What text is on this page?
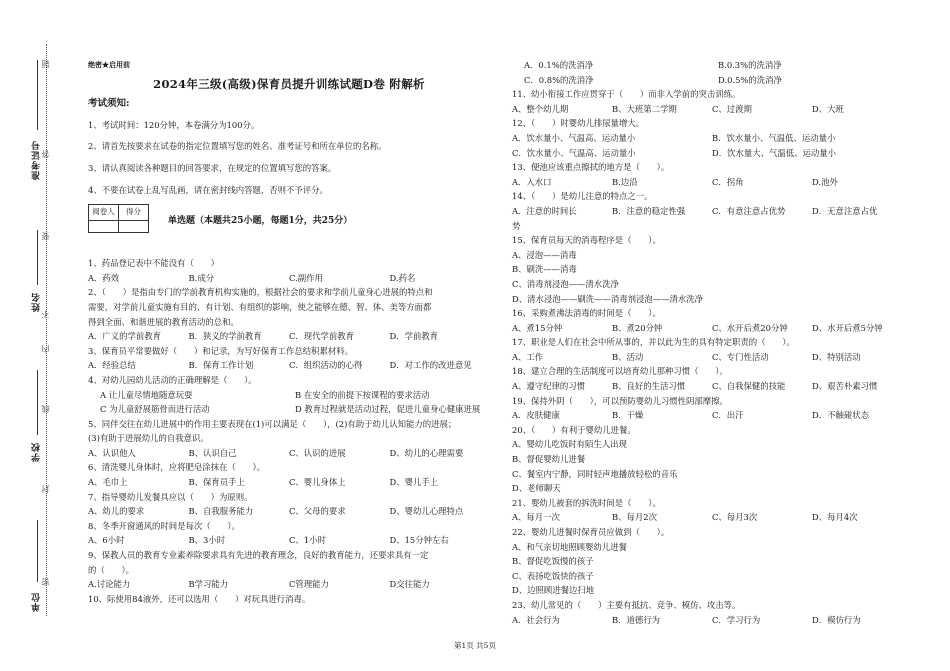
准考证号
姓名
学校
单位
题
答
要
不
内
线
封
密
绝密★启用前
2024年三级(高级)保育员提升训练试题D卷 附解析
考试须知:
1、考试时间：120分钟，本卷满分为100分。
2、请首先按要求在试卷的指定位置填写您的姓名、准考证号和所在单位的名称。
3、请认真阅读各种题目的回答要求，在规定的位置填写您的答案。
4、不要在试卷上乱写乱画，请在密封线内答题，否则不予评分。
阅卷人	得分

单选题（本题共25小题，每题1分，共25分）
1、药品登记表中不能没有（　　）
A．药效	B.成分	C.副作用	D.药名
2、（　　）是指由专门的学前教育机构实施的，根据社会的要求和学前儿童身心进展的特点和
需要，对学前儿童实施有目的、有计划、有组织的影响，使之能够在德、智、体、美等方面都
得到全面、和谐进展的教育活动的总和。
A．广义的学前教育	B．狭义的学前教育	C．现代学前教育	D．学前教育
3、保育员平常要做好（　　）和记录，为写好保育工作总结积累材料。
A．经验总结	B．保育工作计划	C．组织活动的心得	D．对工作的改进意见
4、对幼儿园幼儿活动的正确理解是（　　）。
A 让儿童尽情地随意玩耍	B 在安全的前提下按课程的要求活动
C 为儿童舒展筋骨而进行活动	D 教育过程就是活动过程，促进儿童身心健康进展
5、同伴交往在幼儿进展中的作用主要表现在(1)可以满足（　　），(2)有助于幼儿认知能力的进展；
(3)有助于进展幼儿的自我意识。
A、认识他人	B、认识自己	C、认识的进展	D、幼儿的心理需要
6、清洗婴儿身体时，应将肥皂涂抹在（　　）。
A、毛巾上	B、保育员手上	C、婴儿身体上	D、婴儿手上
7、指导婴幼儿发餐具应以（　　）为原则。
A、幼儿的要求	B、自我服务能力	C、父母的要求	D、婴幼儿心理特点
8、冬季开窗通风的时间是每次（　　）。
A、6小时	B、3小时	C、1小时	D、15分钟左右
9、保教人员的教育专业素养除要求具有先进的教育理念，良好的教育能力，还要求具有一定
的（　　）。
A.讨论能力	B学习能力	C管理能力	D交往能力
10、际使用84液外，还可以选用（　　）对玩具进行消毒。
A．0.1%的洗消净	B.0.3%的洗消净
C．0.8%的洗消净	D.0.5%的洗消净
11、幼小衔接工作应贯穿于（　　）而非入学前的突击训练。
A、整个幼儿期	B、大班第二学期	C、过渡期	D、大班
12、（　　）时婴幼儿排尿量增大。
A．饮水量小、气温高、运动量小	B．饮水量小、气温低、运动量小
C．饮水量小、气温高、运动量小	D．饮水量大、气温低、运动量小
13、便池应该重点擦拭的地方是（　　）。
A．入水口	B.边沿	C．拐角	D.池外
14、（　　）是幼儿注意的特点之一。
A．注意的时间长	B．注意的稳定性强	C．有意注意占优势	D．无意注意占优
势
15、保育员每天的消毒程序是（　　）。
A、浸泡——消毒
B、刷洗——消毒
C、消毒剂浸泡——清水洗净
D、清水浸泡——刷洗——消毒剂浸泡——清水洗净
16、采购煮沸法消毒的时间是（　　）。
A、煮15分钟	B、煮20分钟	C、水开后煮20分钟	D、水开后煮5分钟
17、职业是人们在社会中所从事的，并以此为生的具有特定职责的（　　）。
A、工作	B、活动	C、专门性活动	D、特别活动
18、建立合理的生活制度可以培育幼儿那种习惯（　　）。
A、遵守纪律的习惯	B、良好的生活习惯	C、自我保健的技能	D、艰苦朴素习惯
19、保持外阴（　　），可以预防婴幼儿习惯性阴部摩擦。
A．皮肤健康	B．干燥	C．出汗	D．不触碰状态
20、（　　）有利于婴幼儿进餐。
A、婴幼儿吃饭时有陌生人出现
B、督促婴幼儿进餐
C、餐室内宁静，同时轻声地播放轻松的音乐
D、老师聊天
21、婴幼儿被套的拆洗时间是（　　）。
A、每月一次	B、每月2次	C、每月3次	D、每月4次
22、婴幼儿进餐时保育员应做到（　　）。
A、和气亲切地照顾婴幼儿进餐
B、督促吃饭慢的孩子
C、表扬吃饭快的孩子
D、边照顾进餐边扫地
23、幼儿常见的（　　）主要有抵抗、竞争、模仿、攻击等。
A．社会行为	B．道德行为	C．学习行为	D．模仿行为
第1页 共5页
